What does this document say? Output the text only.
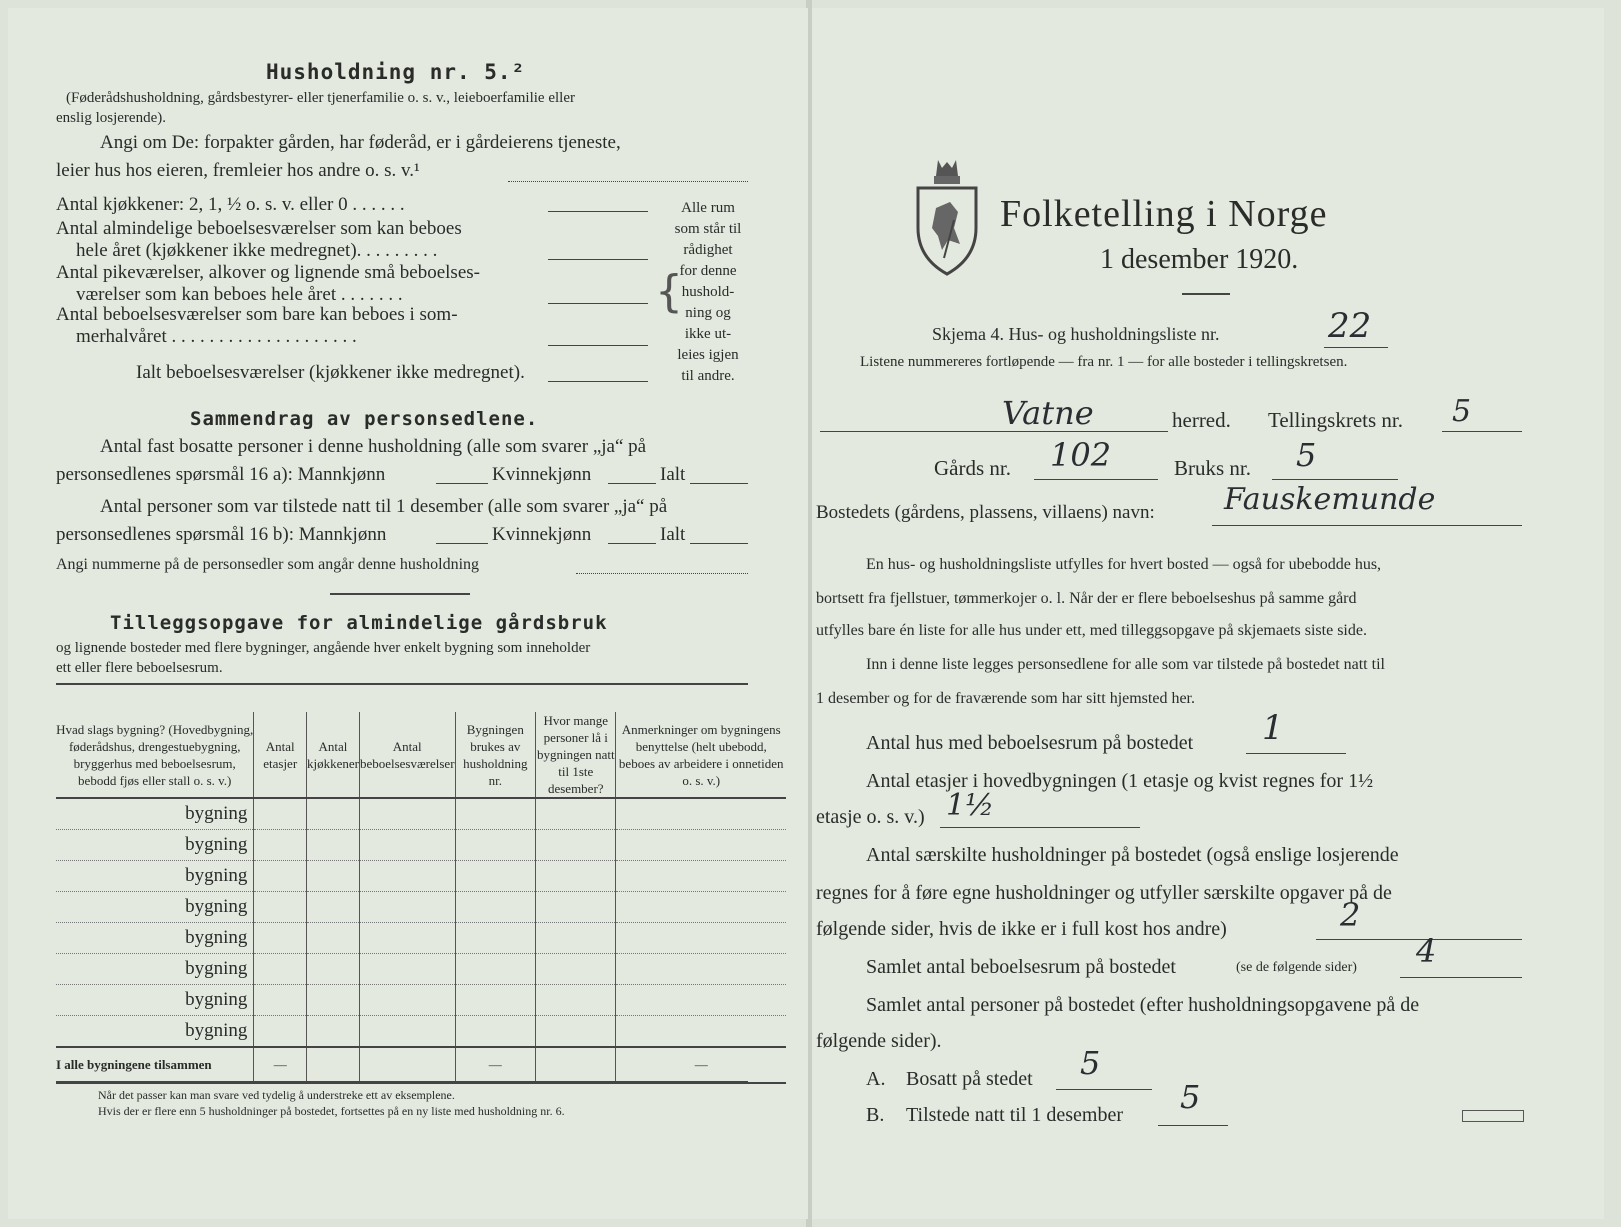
Husholdning nr. 5.²
(Føderådshusholdning, gårdsbestyrer- eller tjenerfamilie o. s. v., leieboerfamilie eller
enslig losjerende).
Angi om De: forpakter gården, har føderåd, er i gårdeierens tjeneste,
leier hus hos eieren, fremleier hos andre o. s. v.¹
Antal kjøkkener: 2, 1, ½ o. s. v. eller 0 . . . . . .
Antal almindelige beboelsesværelser som kan beboes
hele året (kjøkkener ikke medregnet). . . . . . . . .
Antal pikeværelser, alkover og lignende små beboelses-
værelser som kan beboes hele året . . . . . . .
Antal beboelsesværelser som bare kan beboes i som-
merhalvåret . . . . . . . . . . . . . . . . . . . .
Ialt beboelsesværelser (kjøkkener ikke medregnet).
{
Alle rum
som står til
rådighet
for denne
hushold-
ning og
ikke ut-
leies igjen
til andre.
Sammendrag av personsedlene.
Antal fast bosatte personer i denne husholdning (alle som svarer „ja“ på
personsedlenes spørsmål 16 a): Mannkjønn	Kvinnekjønn	Ialt
Antal personer som var tilstede natt til 1 desember (alle som svarer „ja“ på
personsedlenes spørsmål 16 b): Mannkjønn	Kvinnekjønn	Ialt
Angi nummerne på de personsedler som angår denne husholdning
Tilleggsopgave for almindelige gårdsbruk
og lignende bosteder med flere bygninger, angående hver enkelt bygning som inneholder
ett eller flere beboelsesrum.
Hvad slags bygning? (Hovedbygning, føderådshus, drengestuebygning, bryggerhus med beboelsesrum, bebodd fjøs eller stall o. s. v.)	Antal etasjer	Antal kjøkkener	Antal beboelsesværelser	Bygningen brukes av husholdning nr.	Hvor mange personer lå i bygningen natt til 1ste desember?	Anmerkninger om bygningens benyttelse (helt ubebodd, beboes av arbeidere i onnetiden o. s. v.)
bygning						
bygning						
bygning						
bygning						
bygning						
bygning						
bygning						
bygning						
I alle bygningene tilsammen	—			—		—
Når det passer kan man svare ved tydelig å understreke ett av eksemplene.
Hvis der er flere enn 5 husholdninger på bostedet, fortsettes på en ny liste med husholdning nr. 6.
Folketelling i Norge
1 desember 1920.
Skjema 4. Hus- og husholdningsliste nr.	22
Listene nummereres fortløpende — fra nr. 1 — for alle bosteder i tellingskretsen.
Vatne	herred. Tellingskrets nr. 5
Gårds nr. 102	Bruks nr. 5
Bostedets (gårdens, plassens, villaens) navn: Fauskemunde
En hus- og husholdningsliste utfylles for hvert bosted — også for ubebodde hus,
bortsett fra fjellstuer, tømmerkojer o. l. Når der er flere beboelseshus på samme gård
utfylles bare én liste for alle hus under ett, med tilleggsopgave på skjemaets siste side.
Inn i denne liste legges personsedlene for alle som var tilstede på bostedet natt til
1 desember og for de fraværende som har sitt hjemsted her.
Antal hus med beboelsesrum på bostedet 1
Antal etasjer i hovedbygningen (1 etasje og kvist regnes for 1½
etasje o. s. v.) 1½
Antal særskilte husholdninger på bostedet (også enslige losjerende
regnes for å føre egne husholdninger og utfyller særskilte opgaver på de
følgende sider, hvis de ikke er i full kost hos andre)	2
Samlet antal beboelsesrum på bostedet	(se de følgende sider) 4
Samlet antal personer på bostedet (efter husholdningsopgavene på de
følgende sider).
A. Bosatt på stedet 5
B. Tilstede natt til 1 desember 5
